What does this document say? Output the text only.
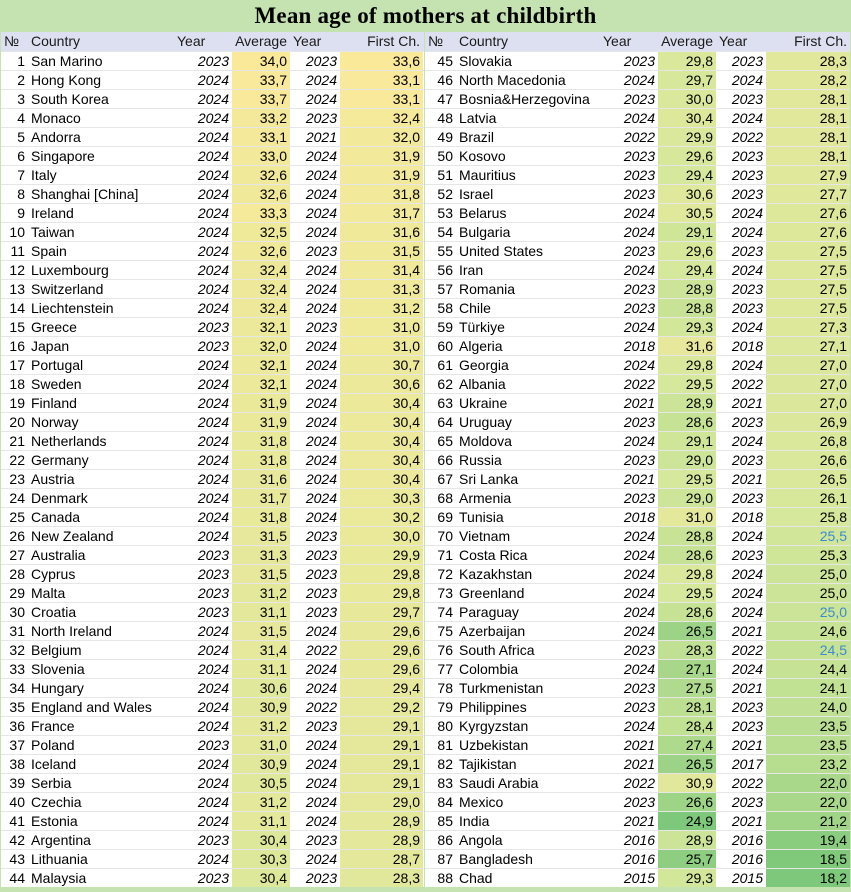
Mean age of mothers at childbirth
№ Country	Year	Average Year	First Ch.
1 San Marino	2023	34,0	2023	33,6
2 Hong Kong	2024	33,7	2024	33,1
3 South Korea	2024	33,7	2024	33,1
4 Monaco	2024	33,2	2023	32,4
5 Andorra	2024	33,1	2021	32,0
6 Singapore	2024	33,0	2024	31,9
7 Italy	2024	32,6	2024	31,9
8 Shanghai [China]	2024	32,6	2024	31,8
9 Ireland	2024	33,3	2024	31,7
10 Taiwan	2024	32,5	2024	31,6
11 Spain	2024	32,6	2023	31,5
12 Luxembourg	2024	32,4	2024	31,4
13 Switzerland	2024	32,4	2024	31,3
14 Liechtenstein	2024	32,4	2024	31,2
15 Greece	2023	32,1	2023	31,0
16 Japan	2023	32,0	2024	31,0
17 Portugal	2024	32,1	2024	30,7
18 Sweden	2024	32,1	2024	30,6
19 Finland	2024	31,9	2024	30,4
20 Norway	2024	31,9	2024	30,4
21 Netherlands	2024	31,8	2024	30,4
22 Germany	2024	31,8	2024	30,4
23 Austria	2024	31,6	2024	30,4
24 Denmark	2024	31,7	2024	30,3
25 Canada	2024	31,8	2024	30,2
26 New Zealand	2024	31,5	2023	30,0
27 Australia	2023	31,3	2023	29,9
28 Cyprus	2023	31,5	2023	29,8
29 Malta	2023	31,2	2023	29,8
30 Croatia	2023	31,1	2023	29,7
31 North Ireland	2024	31,5	2024	29,6
32 Belgium	2024	31,4	2022	29,6
33 Slovenia	2024	31,1	2024	29,6
34 Hungary	2024	30,6	2024	29,4
35 England and Wales	2024	30,9	2022	29,2
36 France	2024	31,2	2023	29,1
37 Poland	2023	31,0	2024	29,1
38 Iceland	2024	30,9	2024	29,1
39 Serbia	2024	30,5	2024	29,1
40 Czechia	2024	31,2	2024	29,0
41 Estonia	2024	31,1	2024	28,9
42 Argentina	2023	30,4	2023	28,9
43 Lithuania	2024	30,3	2024	28,7
44 Malaysia	2023	30,4	2023	28,3
№	Country	Year	Average Year	First Ch.
45 Slovakia	2023	29,8	2023	28,3
46 North Macedonia	2024	29,7	2024	28,2
47 Bosnia&Herzegovina	2023	30,0	2023	28,1
48 Latvia	2024	30,4	2024	28,1
49 Brazil	2022	29,9	2022	28,1
50 Kosovo	2023	29,6	2023	28,1
51 Mauritius	2023	29,4	2023	27,9
52 Israel	2023	30,6	2023	27,7
53 Belarus	2024	30,5	2024	27,6
54 Bulgaria	2024	29,1	2024	27,6
55 United States	2023	29,6	2023	27,5
56 Iran	2024	29,4	2024	27,5
57 Romania	2023	28,9	2023	27,5
58 Chile	2023	28,8	2023	27,5
59 Türkiye	2024	29,3	2024	27,3
60 Algeria	2018	31,6	2018	27,1
61 Georgia	2024	29,8	2024	27,0
62 Albania	2022	29,5	2022	27,0
63 Ukraine	2021	28,9	2021	27,0
64 Uruguay	2023	28,6	2023	26,9
65 Moldova	2024	29,1	2024	26,8
66 Russia	2023	29,0	2023	26,6
67 Sri Lanka	2021	29,5	2021	26,5
68 Armenia	2023	29,0	2023	26,1
69 Tunisia	2018	31,0	2018	25,8
70 Vietnam	2024	28,8	2024	25,5
71 Costa Rica	2024	28,6	2023	25,3
72 Kazakhstan	2024	29,8	2024	25,0
73 Greenland	2024	29,5	2024	25,0
74 Paraguay	2024	28,6	2024	25,0
75 Azerbaijan	2024	26,5	2021	24,6
76 South Africa	2023	28,3	2022	24,5
77 Colombia	2024	27,1	2024	24,4
78 Turkmenistan	2023	27,5	2021	24,1
79 Philippines	2023	28,1	2023	24,0
80 Kyrgyzstan	2024	28,4	2023	23,5
81 Uzbekistan	2021	27,4	2021	23,5
82 Tajikistan	2021	26,5	2017	23,2
83 Saudi Arabia	2022	30,9	2022	22,0
84 Mexico	2023	26,6	2023	22,0
85 India	2021	24,9	2021	21,2
86 Angola	2016	28,9	2016	19,4
87 Bangladesh	2016	25,7	2016	18,5
88 Chad	2015	29,3	2015	18,2
